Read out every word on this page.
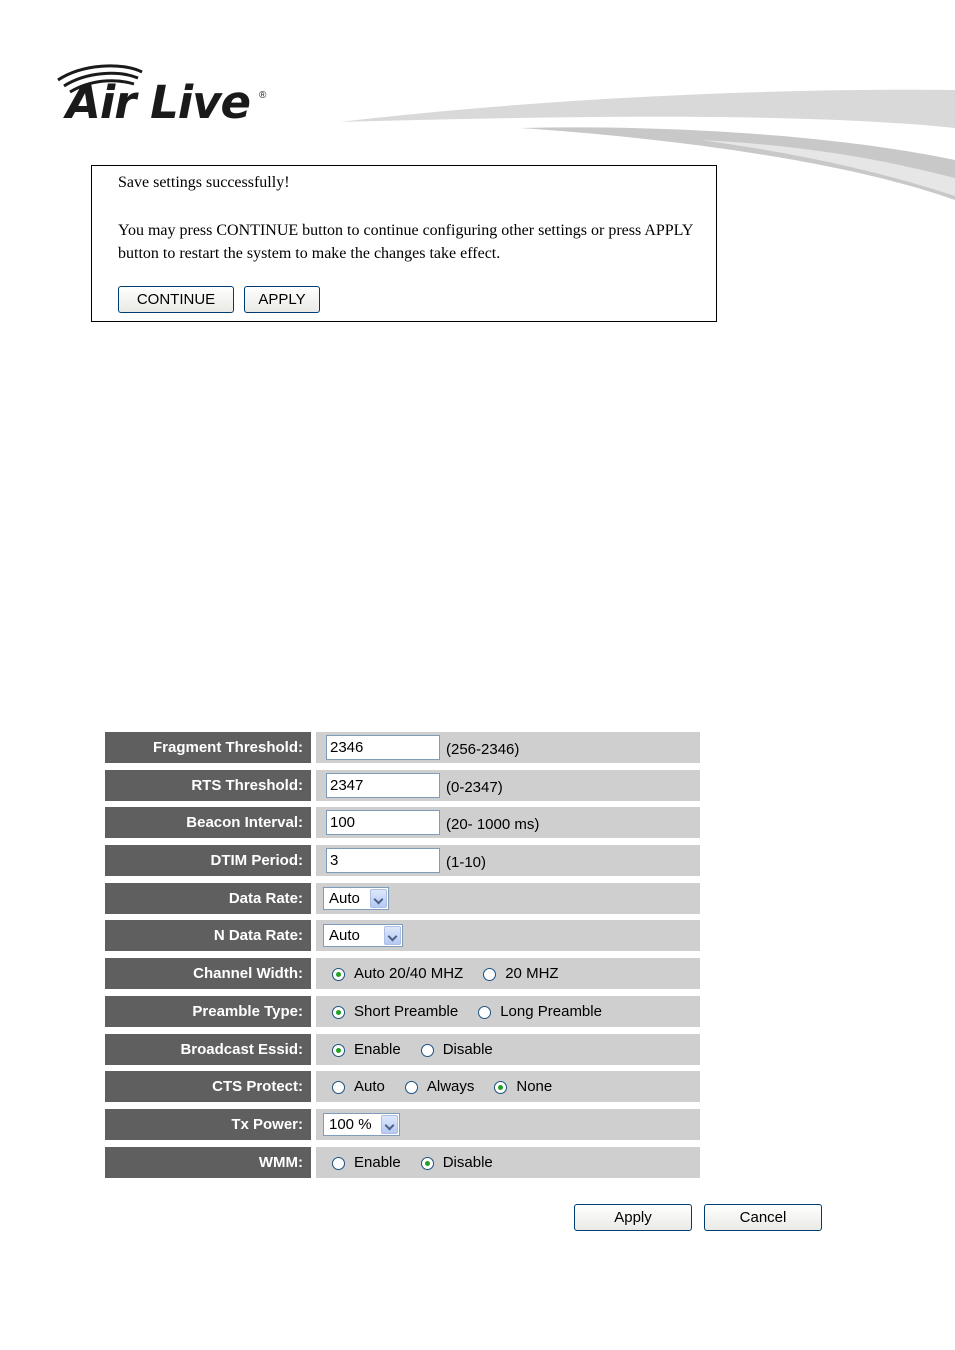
Air Live ®
Save settings successfully!
You may press CONTINUE button to continue configuring other settings or press APPLY button to restart the system to make the changes take effect.
CONTINUE	APPLY
Fragment Threshold:	2346	(256-2346)
RTS Threshold:	2347	(0-2347)
Beacon Interval:	100	(20- 1000 ms)
DTIM Period:	3	(1-10)
Data Rate:	Auto
N Data Rate:	Auto
Channel Width:	Auto 20/40 MHZ	20 MHZ
Preamble Type:	Short Preamble	Long Preamble
Broadcast Essid:	Enable	Disable
CTS Protect:	Auto	Always	None
Tx Power:	100 %
WMM:	Enable	Disable
Apply	Cancel
